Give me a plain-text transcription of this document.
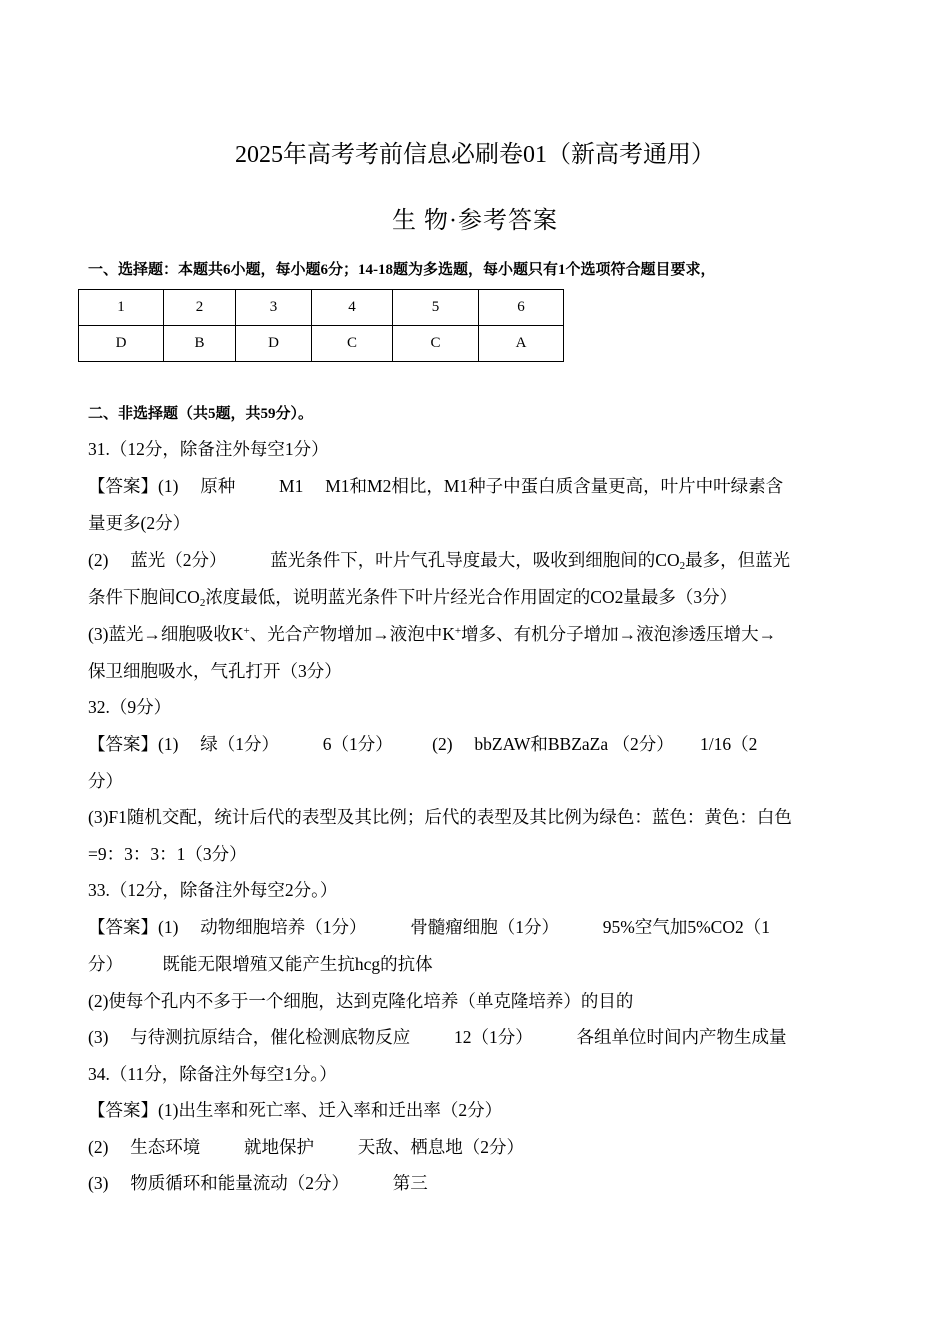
2025年高考考前信息必刷卷01（新高考通用）
生 物·参考答案
一、选择题：本题共6小题，每小题6分；14-18题为多选题，每小题只有1个选项符合题目要求，
1	2	3	4	5	6
D	B	D	C	C	A
二、非选择题（共5题，共59分）。
31.（12分，除备注外每空1分）
【答案】(1)     原种          M1     M1和M2相比，M1种子中蛋白质含量更高，叶片中叶绿素含
量更多(2分）
(2)     蓝光（2分）          蓝光条件下，叶片气孔导度最大，吸收到细胞间的$CO_2$最多，但蓝光
条件下胞间$CO_2$浓度最低，说明蓝光条件下叶片经光合作用固定的CO2量最多（3分）
(3)蓝光→细胞吸收K+、光合产物增加→液泡中K+增多、有机分子增加→液泡渗透压增大→
保卫细胞吸水，气孔打开（3分）
32.（9分）
【答案】(1)     绿（1分）          6（1分）         (2)     bbZAW和BBZaZa （2分）      1/16（2
分）
(3)F1随机交配，统计后代的表型及其比例；后代的表型及其比例为绿色：蓝色：黄色：白色
=9：3：3：1（3分）
33.（12分，除备注外每空2分。）
【答案】(1)     动物细胞培养（1分）          骨髓瘤细胞（1分）          95%空气加5%CO2（1
分）         既能无限增殖又能产生抗hcg的抗体
(2)使每个孔内不多于一个细胞，达到克隆化培养（单克隆培养）的目的
(3)     与待测抗原结合，催化检测底物反应          12（1分）          各组单位时间内产物生成量
34.（11分，除备注外每空1分。）
【答案】(1)出生率和死亡率、迁入率和迁出率（2分）
(2)     生态环境          就地保护          天敌、栖息地（2分）
(3)     物质循环和能量流动（2分）          第三
